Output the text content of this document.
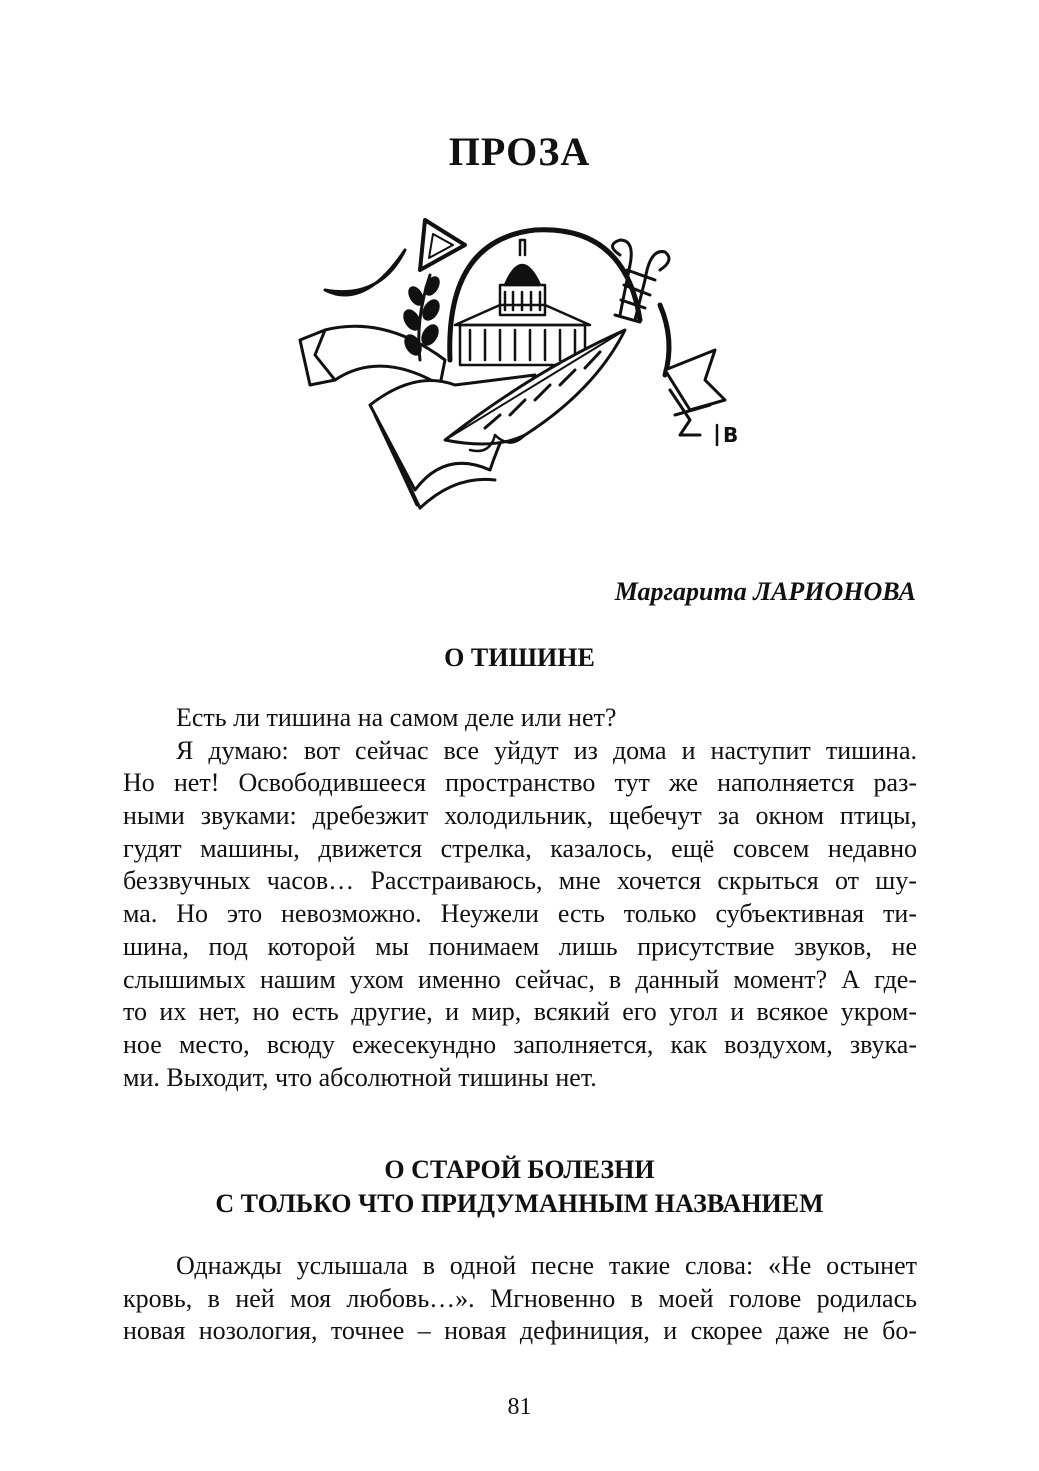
ПРОЗА
В
Маргарита ЛАРИОНОВА
О ТИШИНЕ
Есть ли тишина на самом деле или нет?
Я думаю: вот сейчас все уйдут из дома и наступит тишина.
Но нет! Освободившееся пространство тут же наполняется раз-
ными звуками: дребезжит холодильник, щебечут за окном птицы,
гудят машины, движется стрелка, казалось, ещё совсем недавно
беззвучных часов… Расстраиваюсь, мне хочется скрыться от шу-
ма. Но это невозможно. Неужели есть только субъективная ти-
шина, под которой мы понимаем лишь присутствие звуков, не
слышимых нашим ухом именно сейчас, в данный момент? А где-
то их нет, но есть другие, и мир, всякий его угол и всякое укром-
ное место, всюду ежесекундно заполняется, как воздухом, звука-
ми. Выходит, что абсолютной тишины нет.
О СТАРОЙ БОЛЕЗНИ
С ТОЛЬКО ЧТО ПРИДУМАННЫМ НАЗВАНИЕМ
Однажды услышала в одной песне такие слова: «Не остынет
кровь, в ней моя любовь…». Мгновенно в моей голове родилась
новая нозология, точнее – новая дефиниция, и скорее даже не бо-
81
